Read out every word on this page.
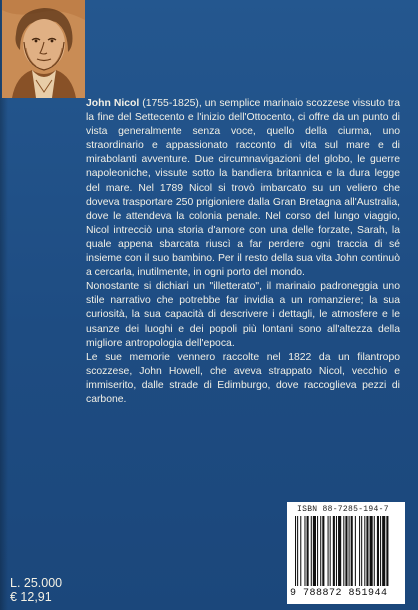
John Nicol (1755-1825), un semplice marinaio scozzese vissuto tra la fine del Settecento e l'inizio dell'Ottocento, ci offre da un punto di vista generalmente senza voce, quello della ciurma, uno straordinario e appassionato racconto di vita sul mare e di mirabolanti avventure. Due circumnavigazioni del globo, le guerre napoleoniche, vissute sotto la bandiera britannica e la dura legge del mare. Nel 1789 Nicol si trovò imbarcato su un veliero che doveva trasportare 250 prigioniere dalla Gran Bretagna all'Australia, dove le attendeva la colonia penale. Nel corso del lungo viaggio, Nicol intrecciò una storia d'amore con una delle forzate, Sarah, la quale appena sbarcata riuscì a far perdere ogni traccia di sé insieme con il suo bambino. Per il resto della sua vita John continuò a cercarla, inutilmente, in ogni porto del mondo.

Nonostante si dichiari un "illetterato", il marinaio padroneggia uno stile narrativo che potrebbe far invidia a un romanziere; la sua curiosità, la sua capacità di descrivere i dettagli, le atmosfere e le usanze dei luoghi e dei popoli più lontani sono all'altezza della migliore antropologia dell'epoca.

Le sue memorie vennero raccolte nel 1822 da un filantropo scozzese, John Howell, che aveva strappato Nicol, vecchio e immiserito, dalle strade di Edimburgo, dove raccoglieva pezzi di carbone.

L. 25.000
€ 12,91
ISBN 88-7285-194-7
9 788872 851944
